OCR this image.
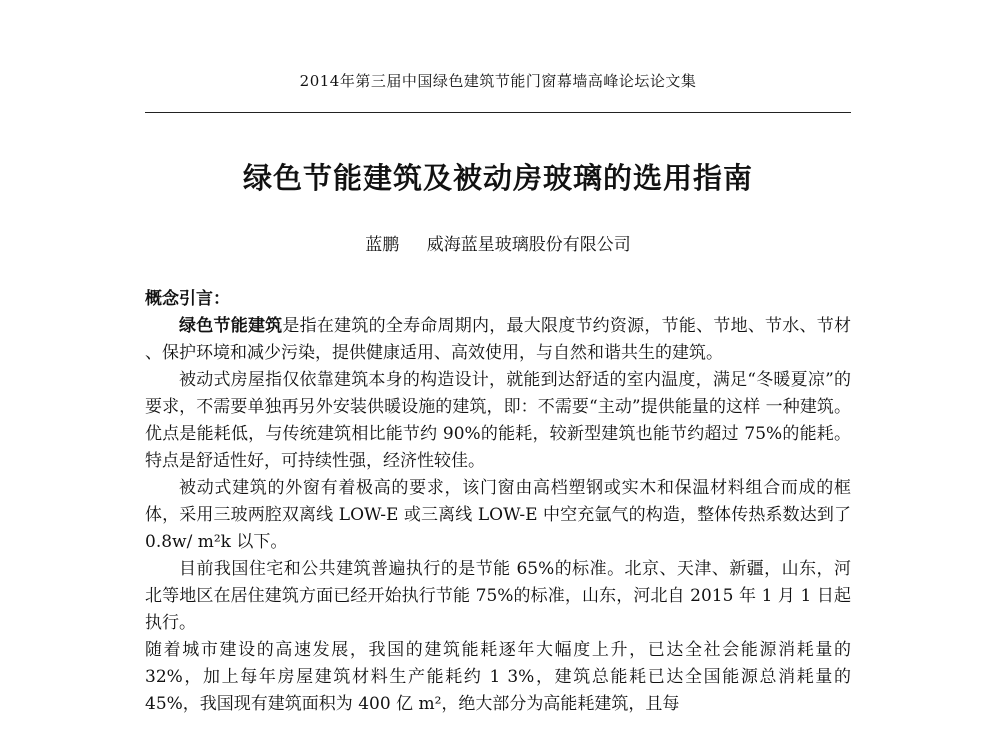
2014年第三届中国绿色建筑节能门窗幕墙高峰论坛论文集
绿色节能建筑及被动房玻璃的选用指南
蓝鹏 威海蓝星玻璃股份有限公司

概念引言：

绿色节能建筑是指在建筑的全寿命周期内，最大限度节约资源，节能、节地、节水、节材 、保护环境和减少污染，提供健康适用、高效使用，与自然和谐共生的建筑。

被动式房屋指仅依靠建筑本身的构造设计，就能到达舒适的室内温度，满足“冬暖夏凉”的要求，不需要单独再另外安装供暖设施的建筑，即：不需要“主动”提供能量的这样 一种建筑。优点是能耗低，与传统建筑相比能节约 90%的能耗，较新型建筑也能节约超过 75%的能耗。特点是舒适性好，可持续性强，经济性较佳。

被动式建筑的外窗有着极高的要求，该门窗由高档塑钢或实木和保温材料组合而成的框体，采用三玻两腔双离线 LOW-E 或三离线 LOW-E 中空充氩气的构造，整体传热系数达到了 0.8w/ m²k 以下。

目前我国住宅和公共建筑普遍执行的是节能 65%的标准。北京、天津、新疆，山东，河北等地区在居住建筑方面已经开始执行节能 75%的标准，山东，河北自 2015 年 1 月 1 日起执行。

随着城市建设的高速发展，我国的建筑能耗逐年大幅度上升，已达全社会能源消耗量的 32%，加上每年房屋建筑材料生产能耗约 1 3%，建筑总能耗已达全国能源总消耗量的 45%，我国现有建筑面积为 400 亿 m²，绝大部分为高能耗建筑，且每
